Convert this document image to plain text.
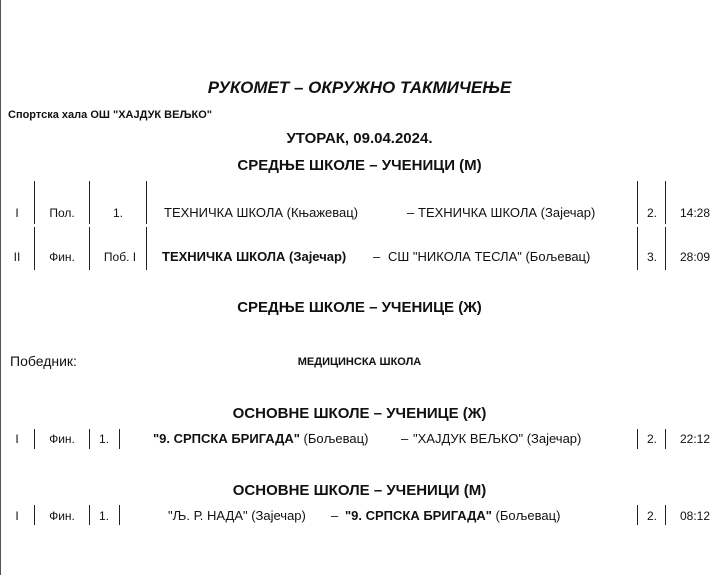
РУКОМЕТ – ОКРУЖНО ТАКМИЧЕЊЕ
Спортска хала ОШ "ХАЈДУК ВЕЉКО"
УТОРАК, 09.04.2024.
СРЕДЊЕ ШКОЛЕ – УЧЕНИЦИ (М)
I	Пол.	1.	ТЕХНИЧКА ШКОЛА (Књажевац)	– ТЕХНИЧКА ШКОЛА (Зајечар)	2.	14:28
II	Фин.	Поб. I	ТЕХНИЧКА ШКОЛА (Зајечар) – СШ "НИКОЛА ТЕСЛА" (Бољевац)	3.	28:09
СРЕДЊЕ ШКОЛЕ – УЧЕНИЦЕ (Ж)
Победник:	МЕДИЦИНСКА ШКОЛА
ОСНОВНЕ ШКОЛЕ – УЧЕНИЦЕ (Ж)
I	Фин.	1.	"9. СРПСКА БРИГАДА" (Бољевац)	– "ХАЈДУК ВЕЉКО" (Зајечар)	2.	22:12
ОСНОВНЕ ШКОЛЕ – УЧЕНИЦИ (М)
I	Фин.	1.	"Љ. Р. НАДА" (Зајечар) – "9. СРПСКА БРИГАДА" (Бољевац)	2.	08:12
